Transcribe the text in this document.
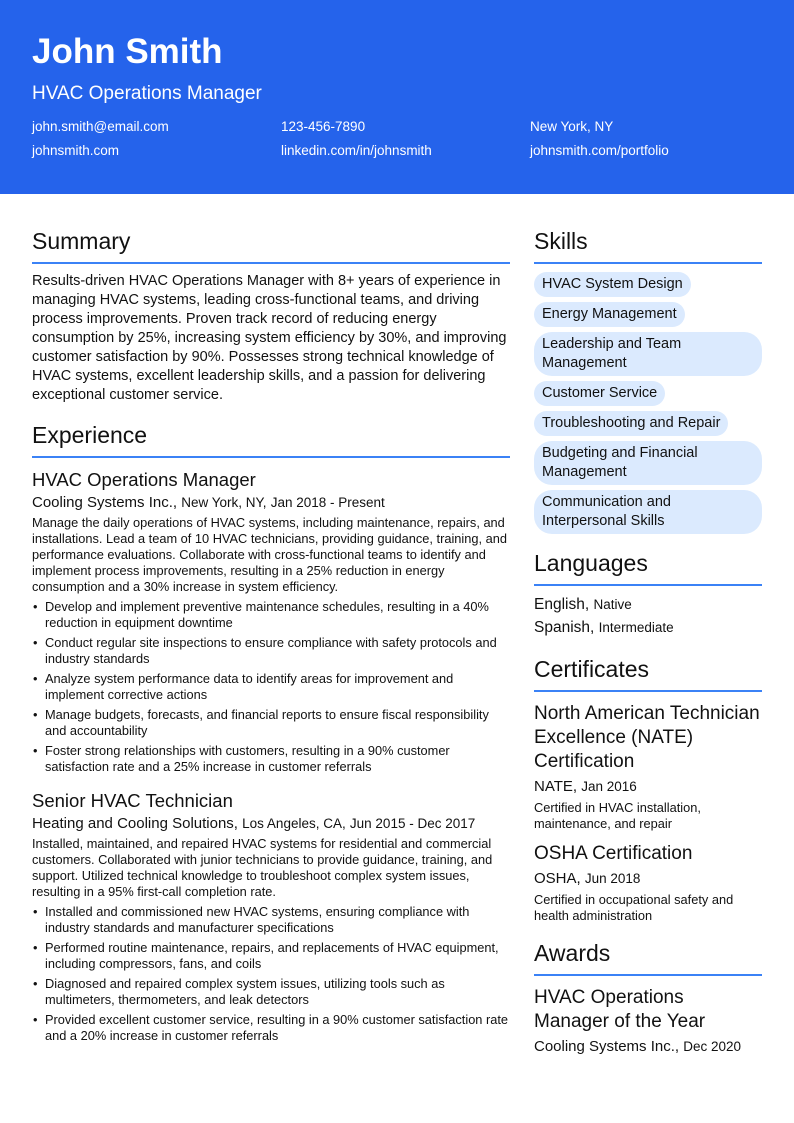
John Smith
HVAC Operations Manager
john.smith@email.com	123-456-7890	New York, NY
johnsmith.com	linkedin.com/in/johnsmith	johnsmith.com/portfolio
Summary

Results-driven HVAC Operations Manager with 8+ years of experience in managing HVAC systems, leading cross-functional teams, and driving process improvements. Proven track record of reducing energy consumption by 25%, increasing system efficiency by 30%, and improving customer satisfaction by 90%. Possesses strong technical knowledge of HVAC systems, excellent leadership skills, and a passion for delivering exceptional customer service.

Experience
HVAC Operations Manager
Cooling Systems Inc., New York, NY, Jan 2018 - Present
Manage the daily operations of HVAC systems, including maintenance, repairs, and installations. Lead a team of 10 HVAC technicians, providing guidance, training, and performance evaluations. Collaborate with cross-functional teams to identify and implement process improvements, resulting in a 25% reduction in energy consumption and a 30% increase in system efficiency.
• Develop and implement preventive maintenance schedules, resulting in a 40% reduction in equipment downtime
• Conduct regular site inspections to ensure compliance with safety protocols and industry standards
• Analyze system performance data to identify areas for improvement and implement corrective actions
• Manage budgets, forecasts, and financial reports to ensure fiscal responsibility and accountability
• Foster strong relationships with customers, resulting in a 90% customer satisfaction rate and a 25% increase in customer referrals
Senior HVAC Technician
Heating and Cooling Solutions, Los Angeles, CA, Jun 2015 - Dec 2017
Installed, maintained, and repaired HVAC systems for residential and commercial customers. Collaborated with junior technicians to provide guidance, training, and support. Utilized technical knowledge to troubleshoot complex system issues, resulting in a 95% first-call completion rate.
• Installed and commissioned new HVAC systems, ensuring compliance with industry standards and manufacturer specifications
• Performed routine maintenance, repairs, and replacements of HVAC equipment, including compressors, fans, and coils
• Diagnosed and repaired complex system issues, utilizing tools such as multimeters, thermometers, and leak detectors
• Provided excellent customer service, resulting in a 90% customer satisfaction rate and a 20% increase in customer referrals
Skills
HVAC System Design
Energy Management
Leadership and Team Management
Customer Service
Troubleshooting and Repair
Budgeting and Financial Management
Communication and Interpersonal Skills
Languages
English, Native
Spanish, Intermediate
Certificates
North American Technician Excellence (NATE) Certification
NATE, Jan 2016
Certified in HVAC installation, maintenance, and repair
OSHA Certification
OSHA, Jun 2018
Certified in occupational safety and health administration
Awards
HVAC Operations Manager of the Year
Cooling Systems Inc., Dec 2020
